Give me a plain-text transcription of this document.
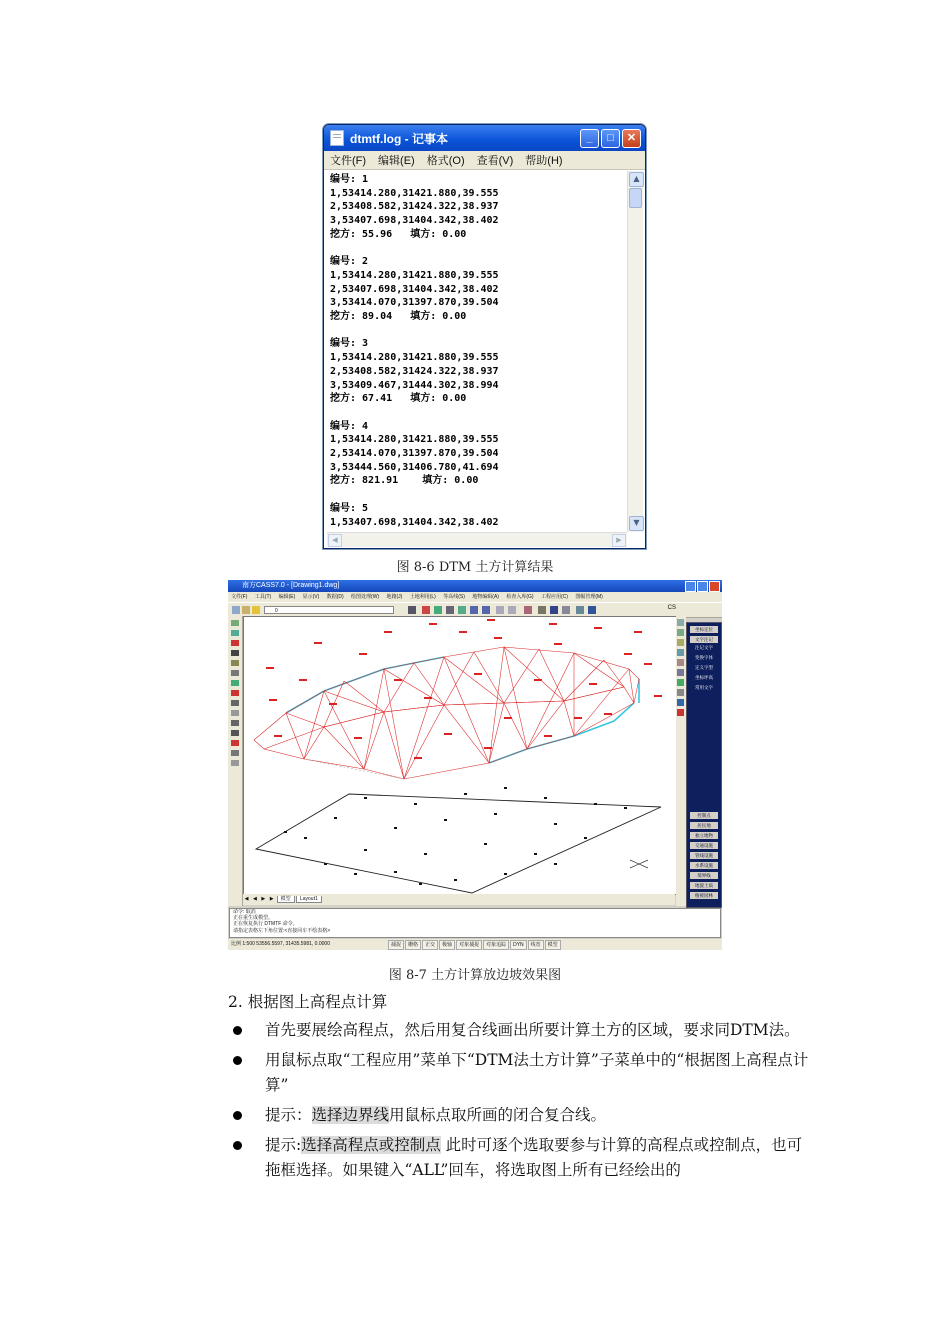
dtmtf.log - 记事本	_	□	✕
文件(F)	编辑(E)	格式(O)	查看(V)	帮助(H)
编号: 1
1,53414.280,31421.880,39.555
2,53408.582,31424.322,38.937
3,53407.698,31404.342,38.402
挖方: 55.96   填方: 0.00

编号: 2
1,53414.280,31421.880,39.555
2,53407.698,31404.342,38.402
3,53414.070,31397.870,39.504
挖方: 89.04   填方: 0.00

编号: 3
1,53414.280,31421.880,39.555
2,53408.582,31424.322,38.937
3,53409.467,31444.302,38.994
挖方: 67.41   填方: 0.00

编号: 4
1,53414.280,31421.880,39.555
2,53414.070,31397.870,39.504
3,53444.560,31406.780,41.694
挖方: 821.91    填方: 0.00

编号: 5
1,53407.698,31404.342,38.402
▲
▼
◀	▶
图 8-6 DTM 土方计算结果
南方CASS7.0 - [Drawing1.dwg]
文件(F) 工具(T) 编辑(E) 显示(V) 数据(D) 绘图处理(W) 地籍(J) 土地利用(L) 等高线(S) 地物编辑(A) 检查入库(G) 工程应用(C) 图幅管理(M)
0	CS
坐标定位
文字注记
注记文字
变换字体
定义字型
坐标坪高
常用文字
控制点
居民地
独立地物
交通设施
管线设施
水系设施
境界线
地貌土质
植被园林
◀ ◀ ▶ ▶ 模型 Layout1
命令: 取消
正在重生成模型。
正在恢复执行 DTMTF 命令。
请指定表格左下角位置:<直接回车不绘表格>
比例 1:500 53556.5597, 31435.5981, 0.0000	捕捉	栅格	正交	极轴	对象捕捉	对象追踪	DYN	线宽	模型
图 8-7 土方计算放边坡效果图
2. 根据图上高程点计算
首先要展绘高程点，然后用复合线画出所要计算土方的区域，要求同DTM法。
用鼠标点取“工程应用”菜单下“DTM法土方计算”子菜单中的“根据图上高程点计算”
提示：选择边界线用鼠标点取所画的闭合复合线。
提示:选择高程点或控制点 此时可逐个选取要参与计算的高程点或控制点，也可拖框选择。如果键入“ALL”回车，将选取图上所有已经绘出的
